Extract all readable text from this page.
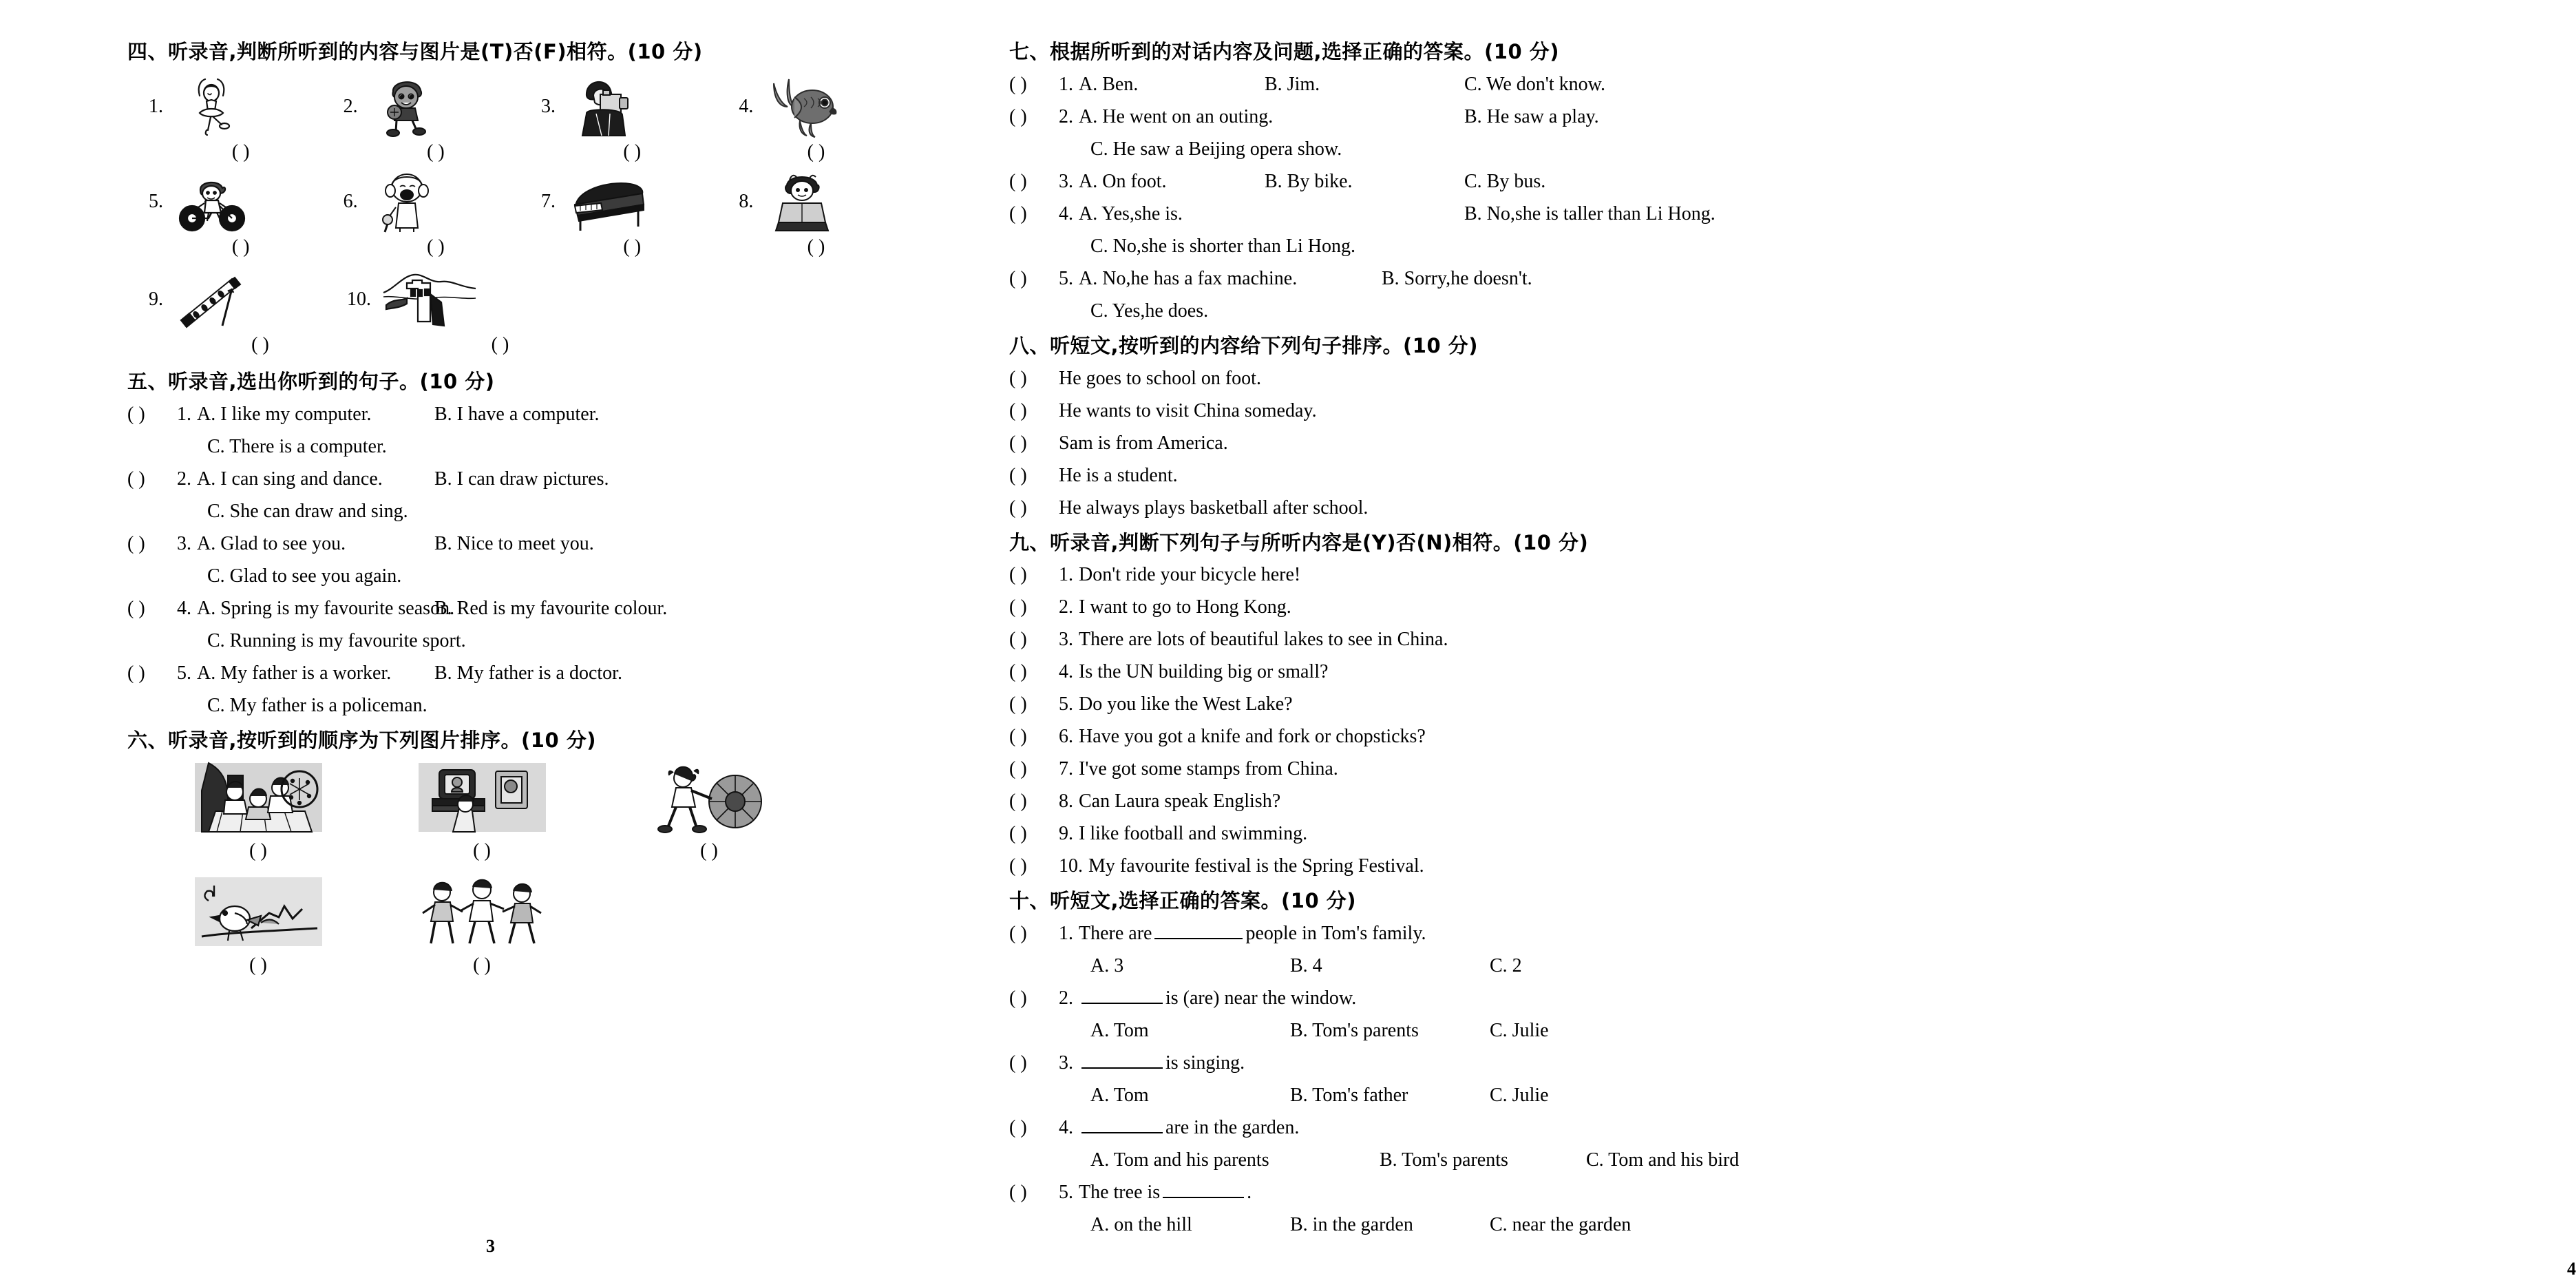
四、听录音,判断所听到的内容与图片是(T)否(F)相符。(10 分)
1.	2.	3.	4.
( )	( )	( )	( )
5.	6.	7.	8.
( )	( )	( )	( )
9.	10.
( )	( )
五、听录音,选出你听到的句子。(10 分)
( )	1. A. I like my computer.	B. I have a computer.
C. There is a computer.
( )	2. A. I can sing and dance.	B. I can draw pictures.
C. She can draw and sing.
( )	3. A. Glad to see you.	B. Nice to meet you.
C. Glad to see you again.
( )	4. A. Spring is my favourite season.
B. Red is my favourite colour.
C. Running is my favourite sport.
( )	5. A. My father is a worker.	B. My father is a doctor.
C. My father is a policeman.
六、听录音,按听到的顺序为下列图片排序。(10 分)
( )	( )	( )
( )	( )
3
七、根据所听到的对话内容及问题,选择正确的答案。(10 分)
( )	1. A. Ben.	B. Jim.	C. We don't know.
( )	2. A. He went on an outing.	B. He saw a play.
C. He saw a Beijing opera show.
( )	3. A. On foot.	B. By bike.	C. By bus.
( )	4. A. Yes,she is.	B. No,she is taller than Li Hong.
C. No,she is shorter than Li Hong.
( )	5. A. No,he has a fax machine.	B. Sorry,he doesn't.
C. Yes,he does.
八、听短文,按听到的内容给下列句子排序。(10 分)
( )	He goes to school on foot.
( )	He wants to visit China someday.
( )	Sam is from America.
( )	He is a student.
( )	He always plays basketball after school.
九、听录音,判断下列句子与所听内容是(Y)否(N)相符。(10 分)
( )	1. Don't ride your bicycle here!
( )	2. I want to go to Hong Kong.
( )	3. There are lots of beautiful lakes to see in China.
( )	4. Is the UN building big or small?
( )	5. Do you like the West Lake?
( )	6. Have you got a knife and fork or chopsticks?
( )	7. I've got some stamps from China.
( )	8. Can Laura speak English?
( )	9. I like football and swimming.
( )	10. My favourite festival is the Spring Festival.
十、听短文,选择正确的答案。(10 分)
( )	1. There are	people in Tom's family.
A. 3	B. 4	C. 2
( )	2.	is (are) near the window.
A. Tom	B. Tom's parents	C. Julie
( )	3.	is singing.
A. Tom	B. Tom's father	C. Julie
( )	4.	are in the garden.
A. Tom and his parents	B. Tom's parents	C. Tom and his bird
( )	5. The tree is	.
A. on the hill	B. in the garden	C. near the garden
4
